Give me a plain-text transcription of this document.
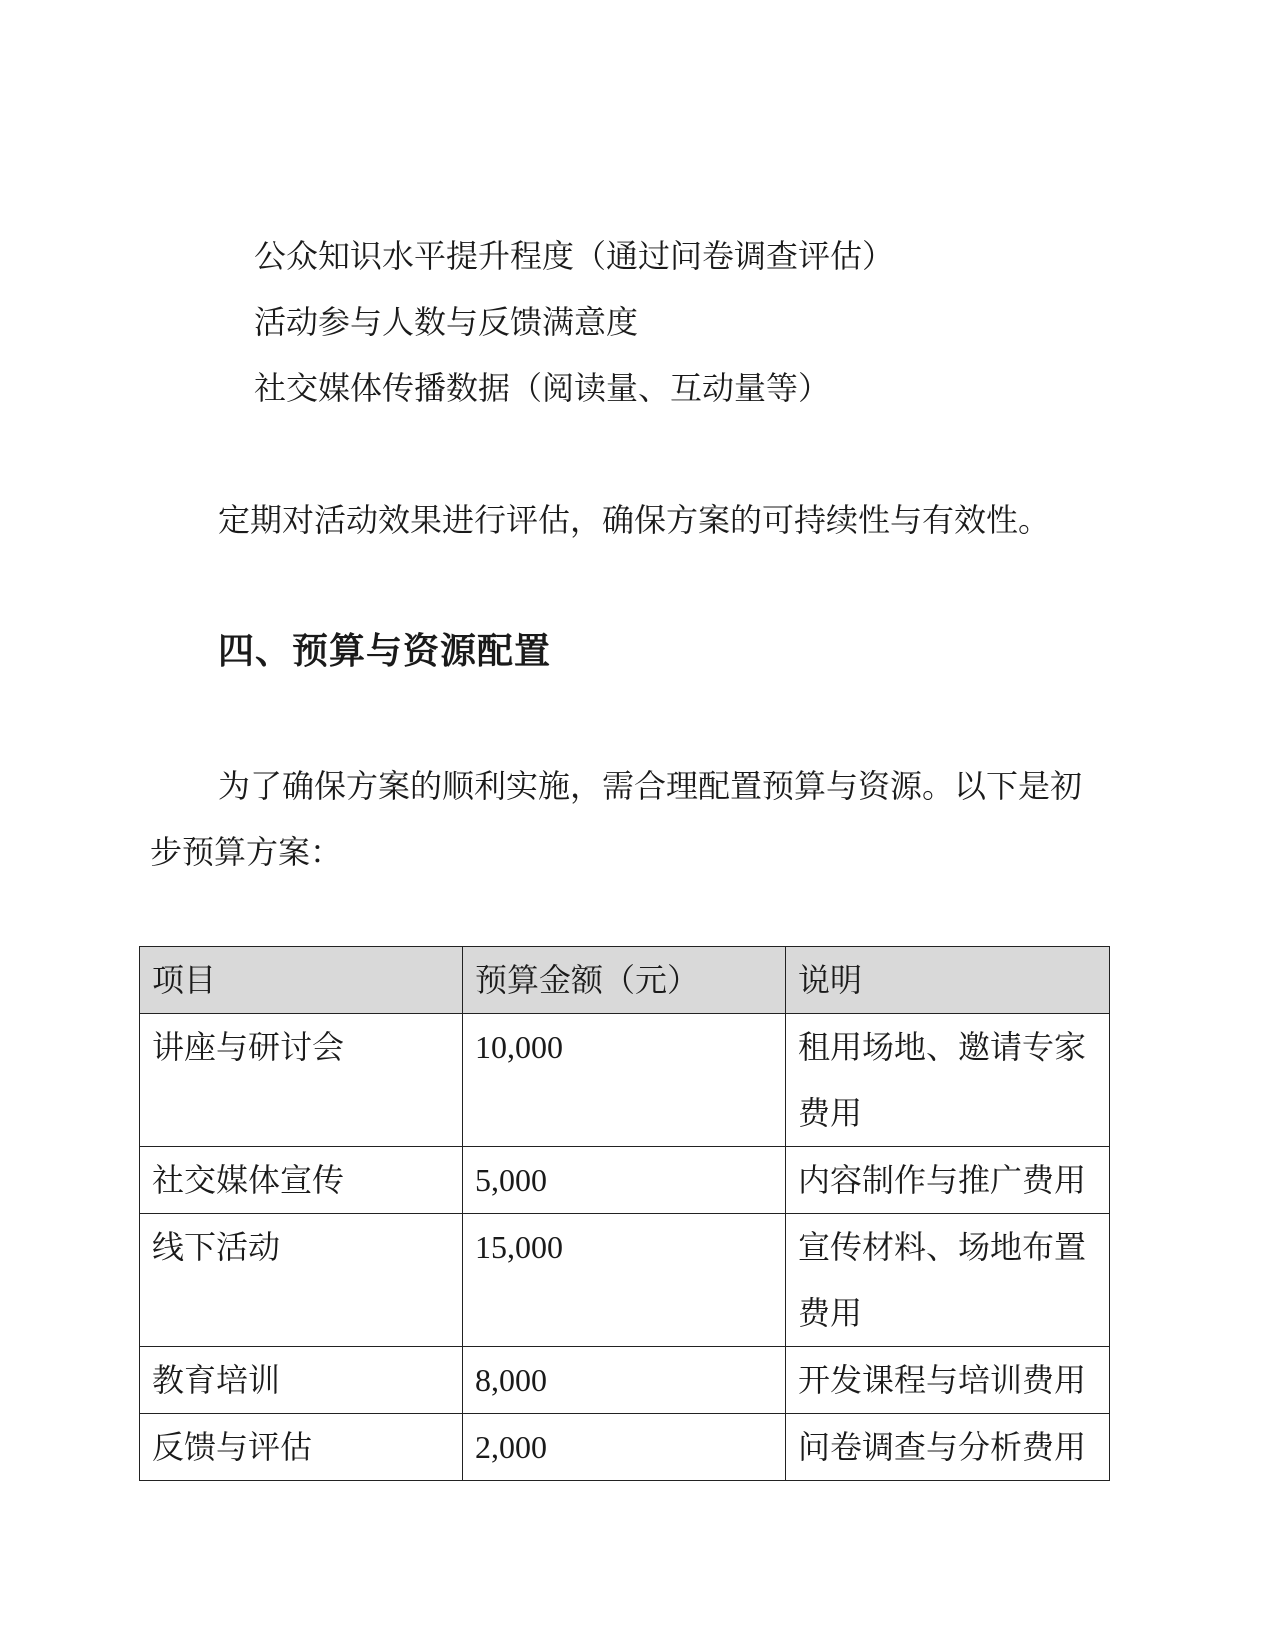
公众知识水平提升程度（通过问卷调查评估）
活动参与人数与反馈满意度
社交媒体传播数据（阅读量、互动量等）
定期对活动效果进行评估，确保方案的可持续性与有效性。
四、预算与资源配置
为了确保方案的顺利实施，需合理配置预算与资源。以下是初
步预算方案：
项目	预算金额（元）	说明
讲座与研讨会	10,000	租用场地、邀请专家
费用

社交媒体宣传	5,000	内容制作与推广费用
线下活动	15,000	宣传材料、场地布置
费用

教育培训	8,000	开发课程与培训费用
反馈与评估	2,000	问卷调查与分析费用
